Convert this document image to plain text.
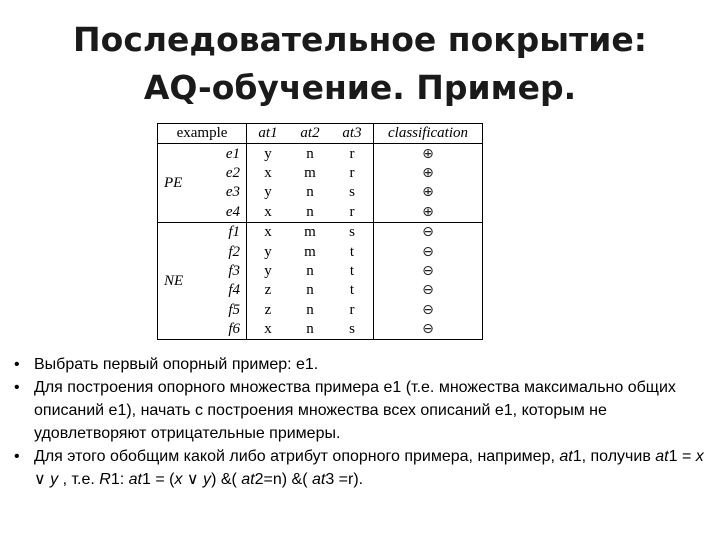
Последовательное покрытие:
AQ-обучение. Пример.
example		at1	at2	at3	classification
PE	e1	y	n	r	⊕
	e2	x	m	r	⊕
	e3	y	n	s	⊕
	e4	x	n	r	⊕
NE	f1	x	m	s	⊖
	f2	y	m	t	⊖
	f3	y	n	t	⊖
	f4	z	n	t	⊖
	f5	z	n	r	⊖
	f6	x	n	s	⊖
• Выбрать первый опорный пример: е1.
• Для построения опорного множества примера е1 (т.е. множества максимально общих описаний е1), начать с построения множества всех описаний е1, которым не удовлетворяют отрицательные примеры.
• Для этого обобщим какой либо атрибут опорного примера, например, at1, получив at1 = x ∨ y , т.е. R1: at1 = (x ∨ y) &( at2=n) &( at3 =r).
